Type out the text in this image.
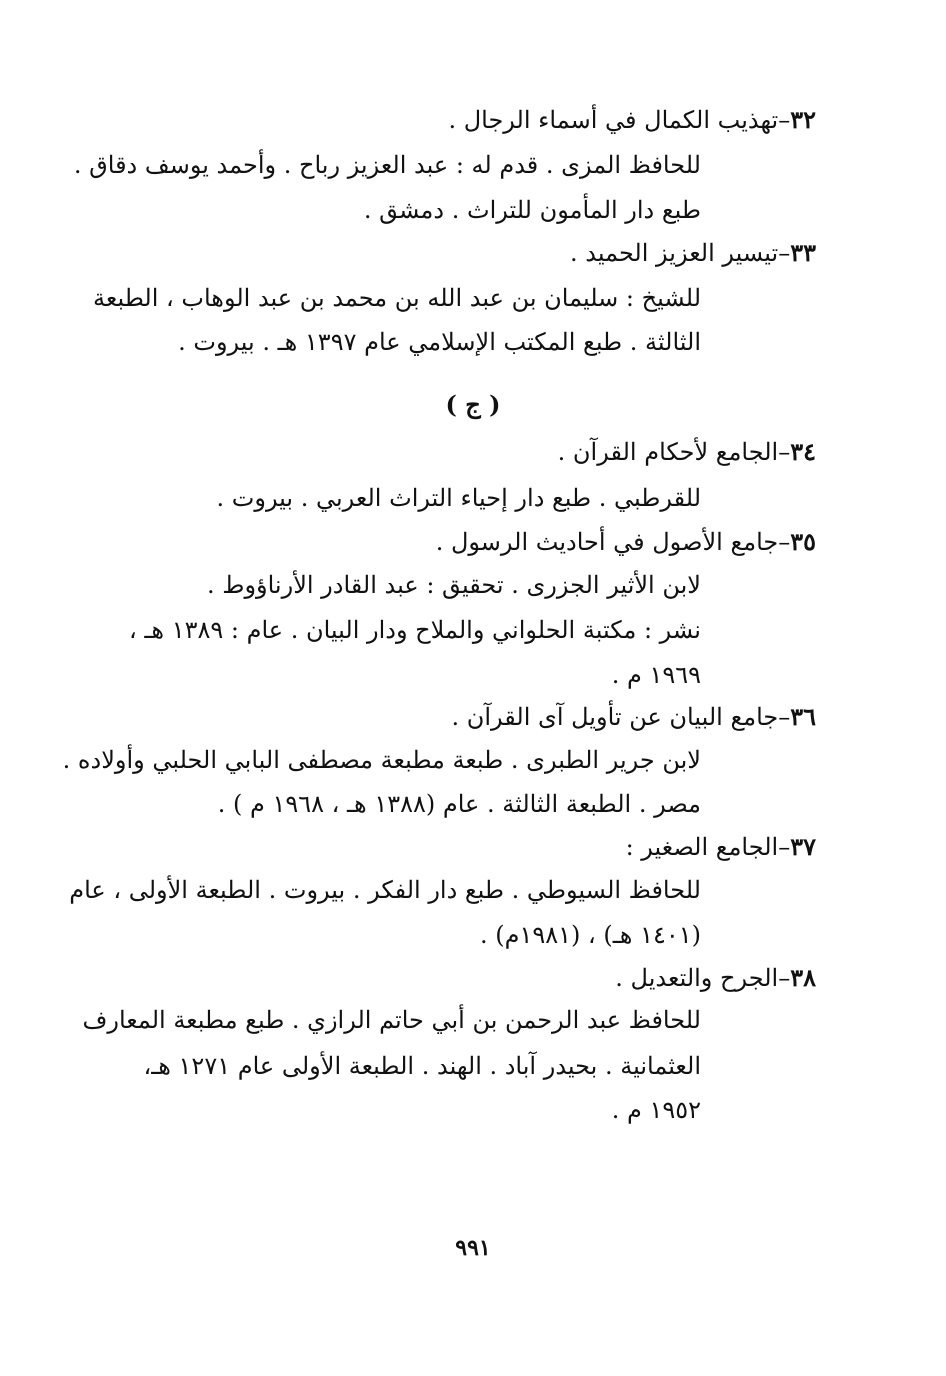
٣٢–تهذيب الكمال في أسماء الرجال .
للحافظ المزى . قدم له : عبد العزيز رباح . وأحمد يوسف دقاق .
طبع دار المأمون للتراث . دمشق .
٣٣–تيسير العزيز الحميد .
للشيخ : سليمان بن عبد الله بن محمد بن عبد الوهاب ، الطبعة
الثالثة . طبع المكتب الإسلامي عام ١٣٩٧ هـ . بيروت .
( ج )
٣٤–الجامع لأحكام القرآن .
للقرطبي . طبع دار إحياء التراث العربي . بيروت .
٣٥–جامع الأصول في أحاديث الرسول .
لابن الأثير الجزرى . تحقيق : عبد القادر الأرناؤوط .
نشر : مكتبة الحلواني والملاح ودار البيان . عام : ١٣٨٩ هـ ،
١٩٦٩ م .
٣٦–جامع البيان عن تأويل آى القرآن .
لابن جرير الطبرى . طبعة مطبعة مصطفى البابي الحلبي وأولاده .
مصر . الطبعة الثالثة . عام (١٣٨٨ هـ ، ١٩٦٨ م ) .
٣٧–الجامع الصغير :
للحافظ السيوطي . طبع دار الفكر . بيروت . الطبعة الأولى ، عام
(١٤٠١ هـ) ، (١٩٨١م) .
٣٨–الجرح والتعديل .
للحافظ عبد الرحمن بن أبي حاتم الرازي . طبع مطبعة المعارف
العثمانية . بحيدر آباد . الهند . الطبعة الأولى عام ١٢٧١ هـ،
١٩٥٢ م .
٩٩١
